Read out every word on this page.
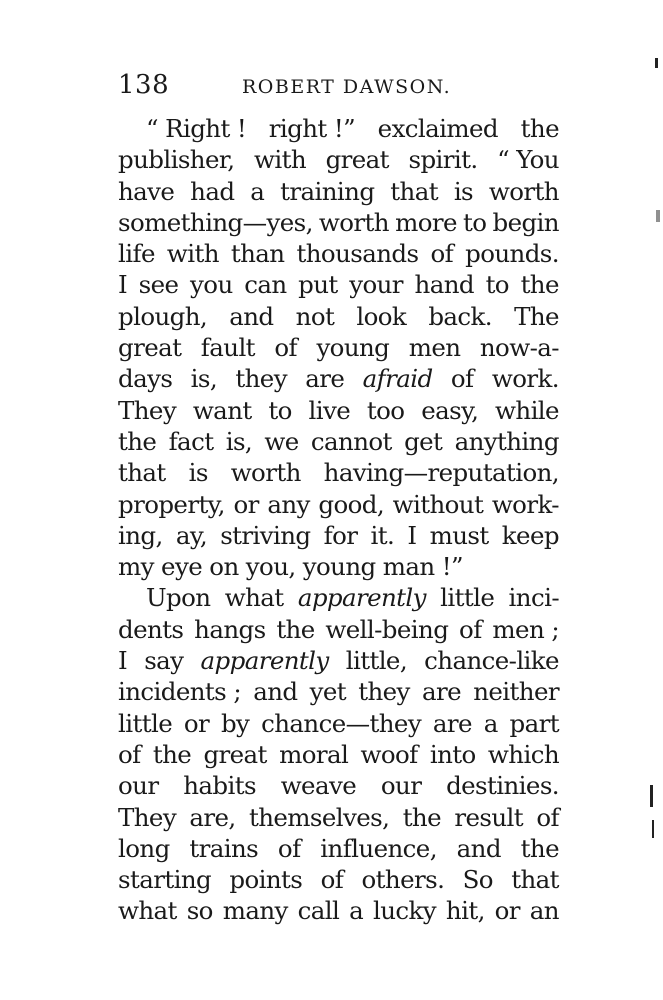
138	ROBERT DAWSON.
“ Right ! right !” exclaimed the
publisher, with great spirit. “ You
have had a training that is worth
something—yes, worth more to begin
life with than thousands of pounds.
I see you can put your hand to the
plough, and not look back. The
great fault of young men now-a-
days is, they are afraid of work.
They want to live too easy, while
the fact is, we cannot get anything
that is worth having—reputation,
property, or any good, without work-
ing, ay, striving for it. I must keep
my eye on you, young man !”
Upon what apparently little inci-
dents hangs the well-being of men ;
I say apparently little, chance-like
incidents ; and yet they are neither
little or by chance—they are a part
of the great moral woof into which
our habits weave our destinies.
They are, themselves, the result of
long trains of influence, and the
starting points of others. So that
what so many call a lucky hit, or an
